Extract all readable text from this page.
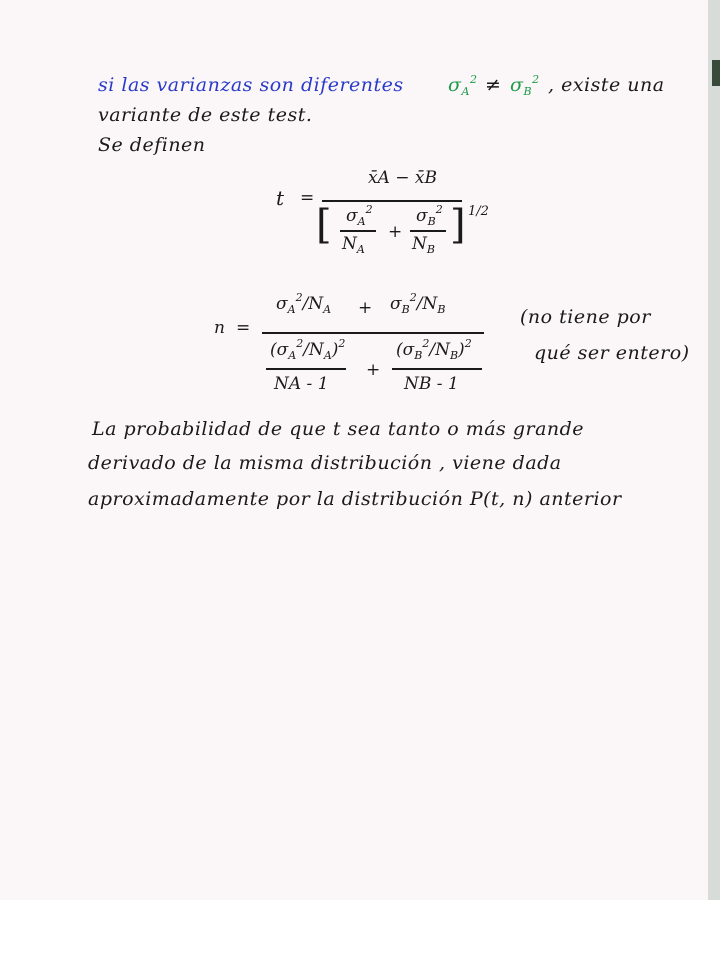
si las varianzas son diferentes $\sigma_A^2 \ne \sigma_B^2$ , existe una
variante de este test.
Se definen
t =
x̄A − x̄B
[ $\sigma_A^2$
$N_A$
+
$\sigma_B^2$
$N_B$
] 1/2
n =
$\sigma_A^2/N_A + \sigma_B^2/N_B$
$(\sigma_A^2/N_A)^2$
NA - 1
+
$(\sigma_B^2/N_B)^2$
NB - 1
(no tiene por
qué ser entero)
La probabilidad de que t sea tanto o más grande
derivado de la misma distribución , viene dada
aproximadamente por la distribución P(t, n) anterior
